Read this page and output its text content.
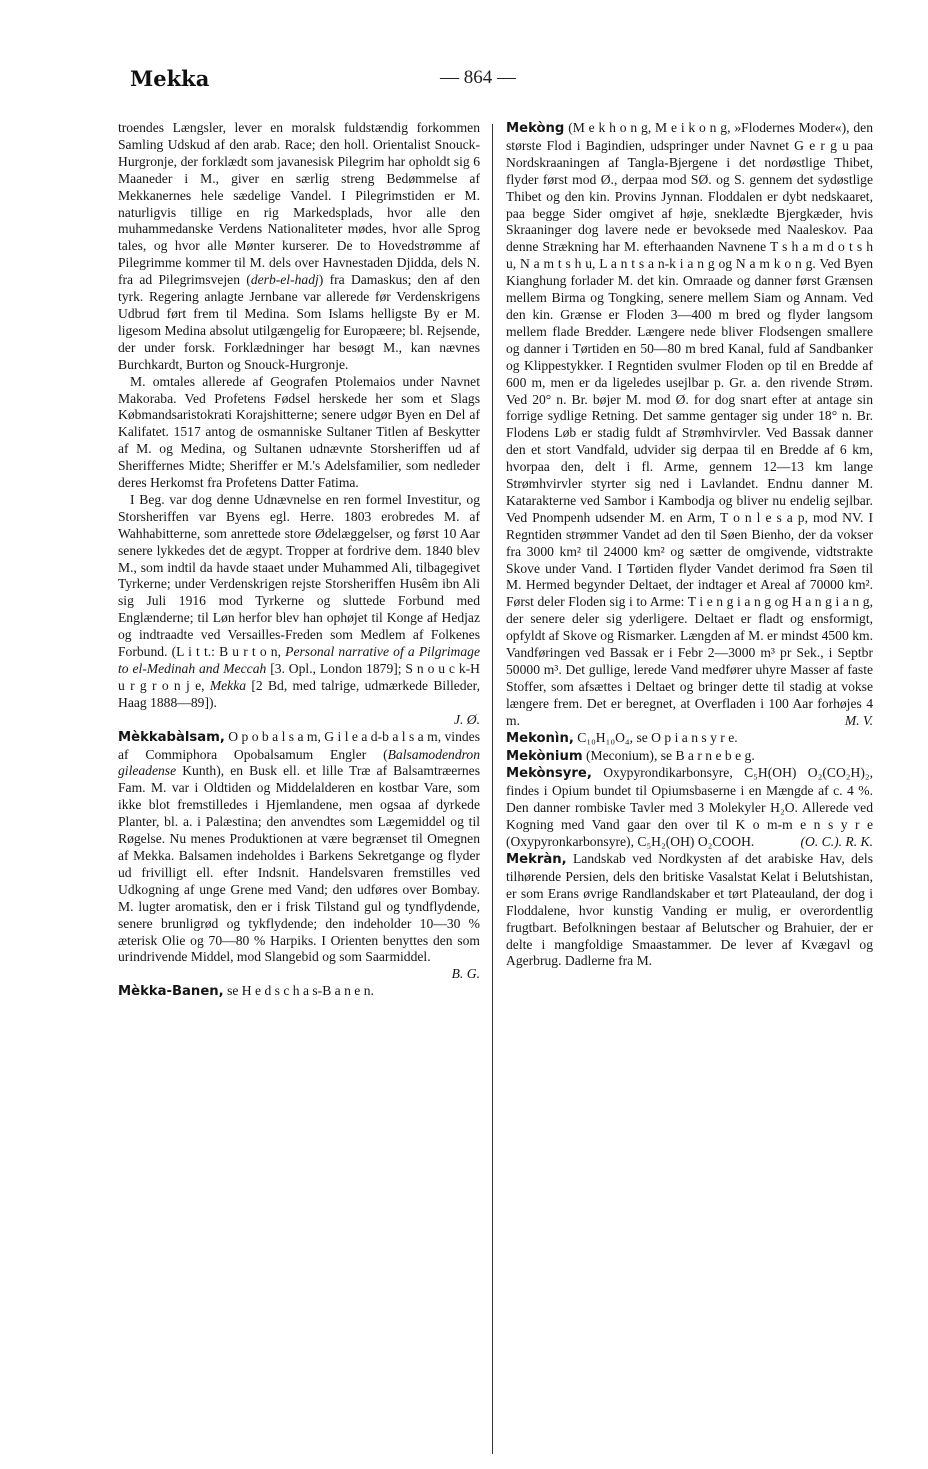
Mekka	— 864 —

troendes Længsler, lever en moralsk fuldstændig forkommen Samling Udskud af den arab. Race; den holl. Orientalist Snouck-Hurgronje, der forklædt som javanesisk Pilegrim har opholdt sig 6 Maaneder i M., giver en særlig streng Bedømmelse af Mekkanernes hele sædelige Vandel. I Pilegrimstiden er M. naturligvis tillige en rig Markedsplads, hvor alle den muhammedanske Verdens Nationaliteter mødes, hvor alle Sprog tales, og hvor alle Mønter kurserer. De to Hovedstrømme af Pilegrimme kommer til M. dels over Havnestaden Djidda, dels N. fra ad Pilegrimsvejen (derb-el-hadj) fra Damaskus; den af den tyrk. Regering anlagte Jernbane var allerede før Verdenskrigens Udbrud ført frem til Medina. Som Islams helligste By er M. ligesom Medina absolut utilgængelig for Europæere; bl. Rejsende, der under forsk. Forklædninger har besøgt M., kan nævnes Burchkardt, Burton og Snouck-Hurgronje.

M. omtales allerede af Geografen Ptolemaios under Navnet Makoraba. Ved Profetens Fødsel herskede her som et Slags Købmandsaristokrati Korajshitterne; senere udgør Byen en Del af Kalifatet. 1517 antog de osmanniske Sultaner Titlen af Beskytter af M. og Medina, og Sultanen udnævnte Storsheriffen ud af Sheriffernes Midte; Sheriffer er M.'s Adelsfamilier, som nedleder deres Herkomst fra Profetens Datter Fatima.

I Beg. var dog denne Udnævnelse en ren formel Investitur, og Storsheriffen var Byens egl. Herre. 1803 erobredes M. af Wahhabitterne, som anrettede store Ødelæggelser, og først 10 Aar senere lykkedes det de ægypt. Tropper at fordrive dem. 1840 blev M., som indtil da havde staaet under Muhammed Ali, tilbagegivet Tyrkerne; under Verdenskrigen rejste Storsheriffen Husêm ibn Ali sig Juli 1916 mod Tyrkerne og sluttede Forbund med Englænderne; til Løn herfor blev han ophøjet til Konge af Hedjaz og indtraadte ved Versailles-Freden som Medlem af Folkenes Forbund. (L i t t.: B u r t o n, Personal narrative of a Pilgrimage to el-Medinah and Meccah [3. Opl., London 1879]; S n o u c k-H u r g r o n j e, Mekka [2 Bd, med talrige, udmærkede Billeder, Haag 1888—89]).

J. Ø.

Mèkkabàlsam, O p o b a l s a m, G i l e a d-b a l s a m, vindes af Commiphora Opobalsamum Engler (Balsamodendron gileadense Kunth), en Busk ell. et lille Træ af Balsamtræernes Fam. M. var i Oldtiden og Middelalderen en kostbar Vare, som ikke blot fremstilledes i Hjemlandene, men ogsaa af dyrkede Planter, bl. a. i Palæstina; den anvendtes som Lægemiddel og til Røgelse. Nu menes Produktionen at være begrænset til Omegnen af Mekka. Balsamen indeholdes i Barkens Sekretgange og flyder ud frivilligt ell. efter Indsnit. Handelsvaren fremstilles ved Udkogning af unge Grene med Vand; den udføres over Bombay. M. lugter aromatisk, den er i frisk Tilstand gul og tyndflydende, senere brunligrød og tykflydende; den indeholder 10—30 % æterisk Olie og 70—80 % Harpiks. I Orienten benyttes den som urindrivende Middel, mod Slangebid og som Saarmiddel.

B. G.

Mèkka-Banen, se H e d s c h a s-B a n e n.

Mekòng (M e k h o n g, M e i k o n g, »Flodernes Moder«), den største Flod i Bagindien, udspringer under Navnet G e r g u paa Nordskraaningen af Tangla-Bjergene i det nordøstlige Thibet, flyder først mod Ø., derpaa mod SØ. og S. gennem det sydøstlige Thibet og den kin. Provins Jynnan. Floddalen er dybt nedskaaret, paa begge Sider omgivet af høje, sneklædte Bjergkæder, hvis Skraaninger dog lavere nede er bevoksede med Naaleskov. Paa denne Strækning har M. efterhaanden Navnene T s h a m d o t s h u, N a m t s h u, L a n t s a n-k i a n g og N a m k o n g. Ved Byen Kianghung forlader M. det kin. Omraade og danner først Grænsen mellem Birma og Tongking, senere mellem Siam og Annam. Ved den kin. Grænse er Floden 3—400 m bred og flyder langsom mellem flade Bredder. Længere nede bliver Flodsengen smallere og danner i Tørtiden en 50—80 m bred Kanal, fuld af Sandbanker og Klippestykker. I Regntiden svulmer Floden op til en Bredde af 600 m, men er da ligeledes usejlbar p. Gr. a. den rivende Strøm. Ved 20° n. Br. bøjer M. mod Ø. for dog snart efter at antage sin forrige sydlige Retning. Det samme gentager sig under 18° n. Br. Flodens Løb er stadig fuldt af Strømhvirvler. Ved Bassak danner den et stort Vandfald, udvider sig derpaa til en Bredde af 6 km, hvorpaa den, delt i fl. Arme, gennem 12—13 km lange Strømhvirvler styrter sig ned i Lavlandet. Endnu danner M. Katarakterne ved Sambor i Kambodja og bliver nu endelig sejlbar. Ved Pnompenh udsender M. en Arm, T o n l e s a p, mod NV. I Regntiden strømmer Vandet ad den til Søen Bienho, der da vokser fra 3000 km² til 24000 km² og sætter de omgivende, vidtstrakte Skove under Vand. I Tørtiden flyder Vandet derimod fra Søen til M. Hermed begynder Deltaet, der indtager et Areal af 70000 km². Først deler Floden sig i to Arme: T i e n g i a n g og H a n g i a n g, der senere deler sig yderligere. Deltaet er fladt og ensformigt, opfyldt af Skove og Rismarker. Længden af M. er mindst 4500 km. Vandføringen ved Bassak er i Febr 2—3000 m³ pr Sek., i Septbr 50000 m³. Det gullige, lerede Vand medfører uhyre Masser af faste Stoffer, som afsættes i Deltaet og bringer dette til stadig at vokse længere frem. Det er beregnet, at Overfladen i 100 Aar forhøjes 4 m.	M. V.

Mekonìn, C₁₀H₁₀O₄, se O p i a n s y r e.

Mekònium (Meconium), se B a r n e b e g.

Mekònsyre, Oxypyrondikarbonsyre, C₅H(OH) O₂(CO₂H)₂, findes i Opium bundet til Opiumsbaserne i en Mængde af c. 4 %. Den danner rombiske Tavler med 3 Molekyler H₂O. Allerede ved Kogning med Vand gaar den over til K o m-m e n s y r e (Oxypyronkarbonsyre), C₅H₂(OH) O₂COOH.	(O. C.). R. K.

Mekràn, Landskab ved Nordkysten af det arabiske Hav, dels tilhørende Persien, dels den britiske Vasalstat Kelat i Belutshistan, er som Erans øvrige Randlandskaber et tørt Plateauland, der dog i Floddalene, hvor kunstig Vanding er mulig, er overordentlig frugtbart. Befolkningen bestaar af Belutscher og Brahuier, der er delte i mangfoldige Smaastammer. De lever af Kvægavl og Agerbrug. Dadlerne fra M.
